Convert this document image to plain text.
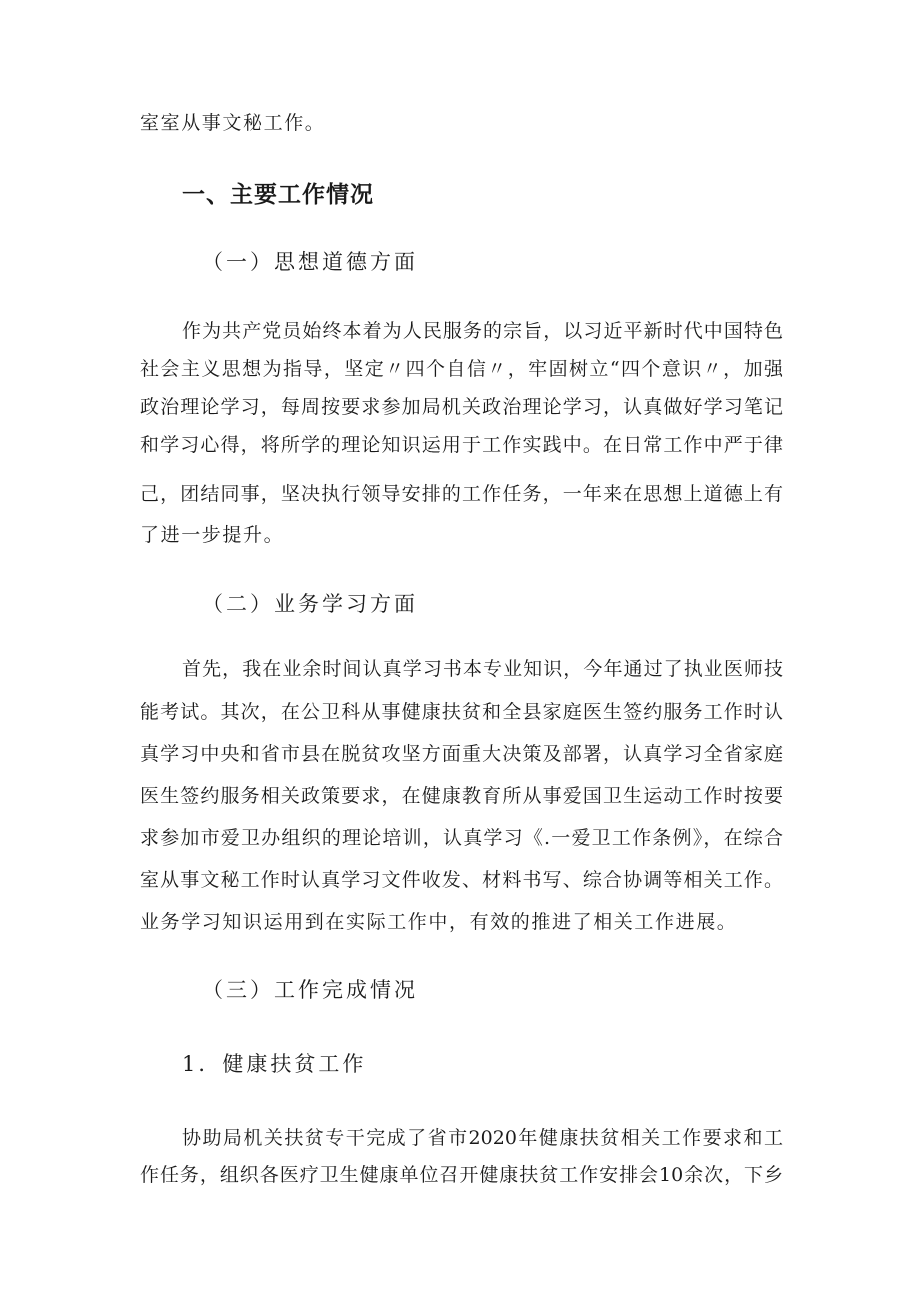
室室从事文秘工作。
一、主要工作情况
（一）思想道德方面
作为共产党员始终本着为人民服务的宗旨，以习近平新时代中国特色
社会主义思想为指导，坚定〃四个自信〃，牢固树立“四个意识〃，加强
政治理论学习，每周按要求参加局机关政治理论学习，认真做好学习笔记
和学习心得，将所学的理论知识运用于工作实践中。在日常工作中严于律
己，团结同事，坚决执行领导安排的工作任务，一年来在思想上道德上有
了进一步提升。
（二）业务学习方面
首先，我在业余时间认真学习书本专业知识，今年通过了执业医师技
能考试。其次，在公卫科从事健康扶贫和全县家庭医生签约服务工作时认
真学习中央和省市县在脱贫攻坚方面重大决策及部署，认真学习全省家庭
医生签约服务相关政策要求，在健康教育所从事爱国卫生运动工作时按要
求参加市爱卫办组织的理论培训，认真学习《.一爱卫工作条例》，在综合
室从事文秘工作时认真学习文件收发、材料书写、综合协调等相关工作。
业务学习知识运用到在实际工作中，有效的推进了相关工作进展。
（三）工作完成情况
1．健康扶贫工作
协助局机关扶贫专干完成了省市2020年健康扶贫相关工作要求和工
作任务，组织各医疗卫生健康单位召开健康扶贫工作安排会10余次，下乡
